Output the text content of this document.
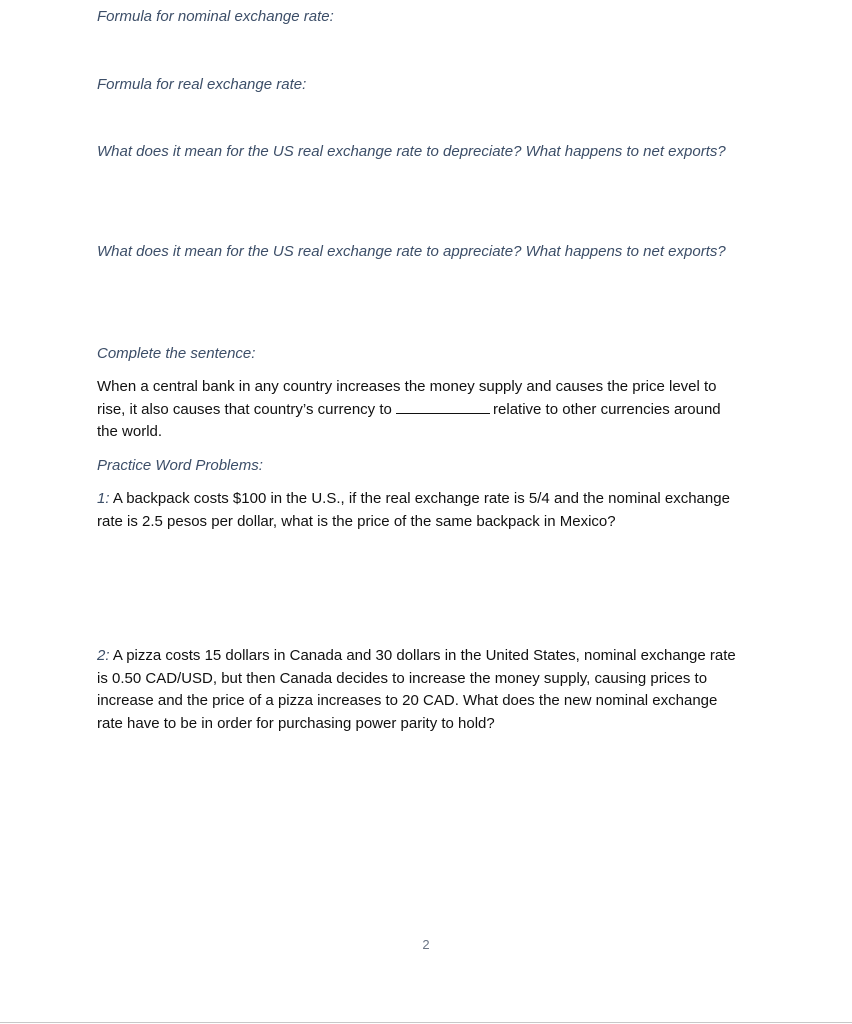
Formula for nominal exchange rate:

Formula for real exchange rate:

What does it mean for the US real exchange rate to depreciate? What happens to net exports?

What does it mean for the US real exchange rate to appreciate? What happens to net exports?

Complete the sentence:

When a central bank in any country increases the money supply and causes the price level to
rise, it also causes that country’s currency to	relative to other currencies around
the world.

Practice Word Problems:

1: A backpack costs $100 in the U.S., if the real exchange rate is 5/4 and the nominal exchange
rate is 2.5 pesos per dollar, what is the price of the same backpack in Mexico?
2: A pizza costs 15 dollars in Canada and 30 dollars in the United States, nominal exchange rate
is 0.50 CAD/USD, but then Canada decides to increase the money supply, causing prices to
increase and the price of a pizza increases to 20 CAD. What does the new nominal exchange
rate have to be in order for purchasing power parity to hold?

2
